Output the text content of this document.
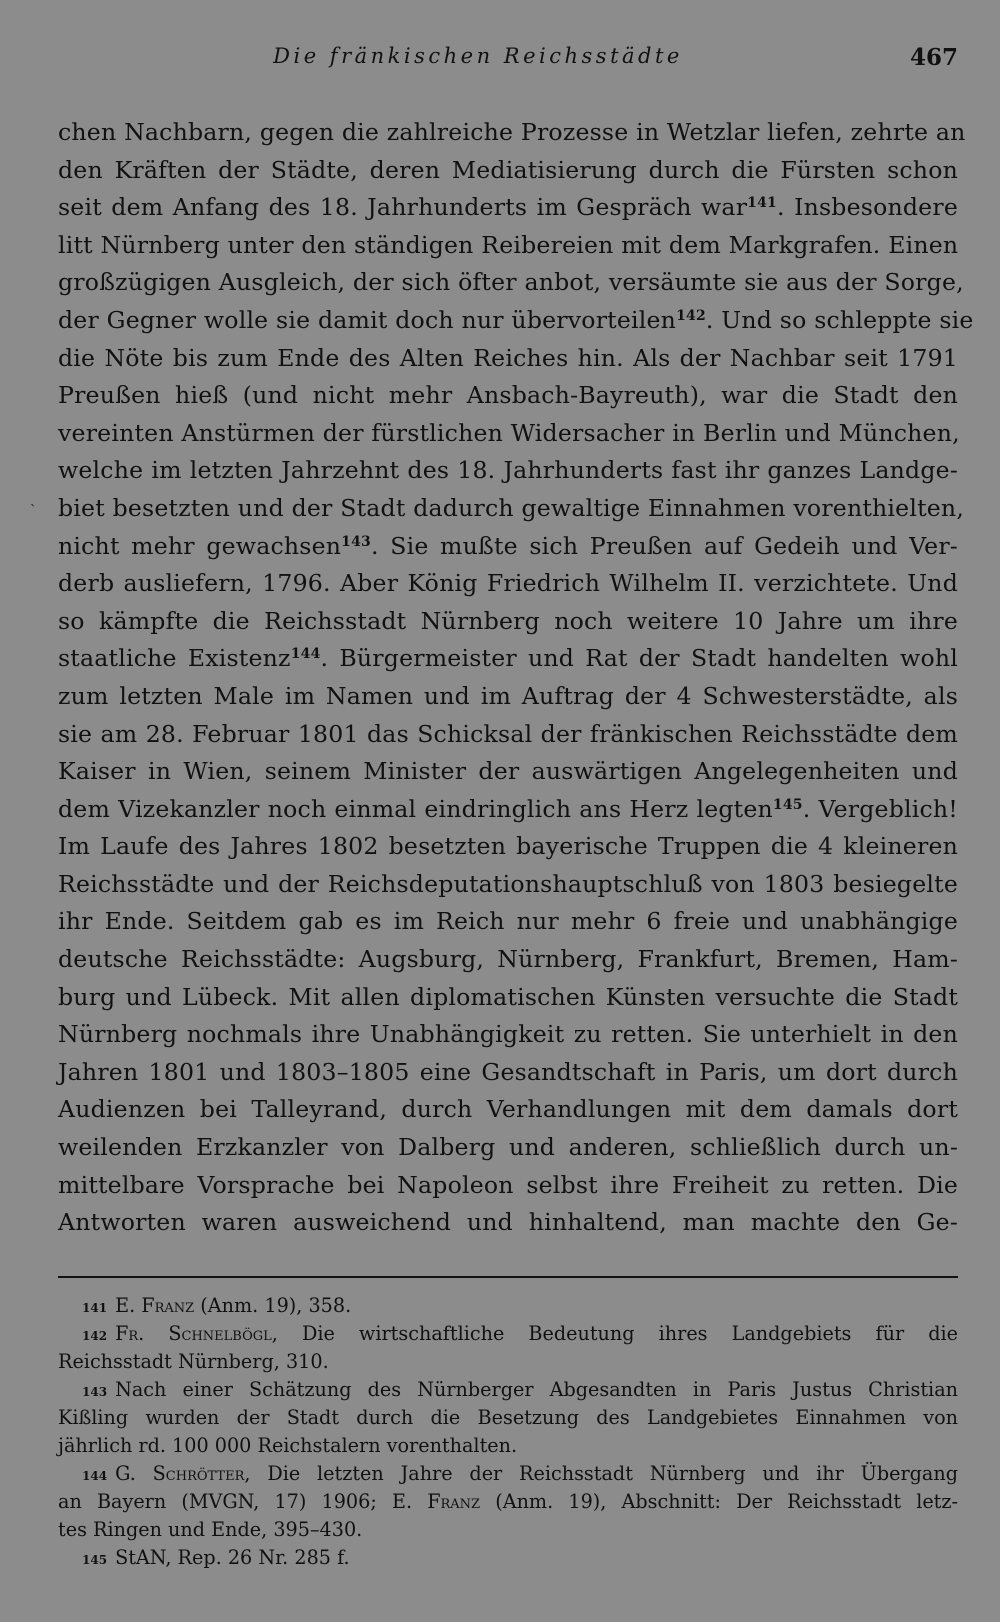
Die fränkischen Reichsstädte	467
chen Nachbarn, gegen die zahlreiche Prozesse in Wetzlar liefen, zehrte an
den Kräften der Städte, deren Mediatisierung durch die Fürsten schon
seit dem Anfang des 18. Jahrhunderts im Gespräch war$^{141}$. Insbesondere
litt Nürnberg unter den ständigen Reibereien mit dem Markgrafen. Einen
großzügigen Ausgleich, der sich öfter anbot, versäumte sie aus der Sorge,
der Gegner wolle sie damit doch nur übervorteilen$^{142}$. Und so schleppte sie
die Nöte bis zum Ende des Alten Reiches hin. Als der Nachbar seit 1791
Preußen hieß (und nicht mehr Ansbach-Bayreuth), war die Stadt den
vereinten Anstürmen der fürstlichen Widersacher in Berlin und München,
welche im letzten Jahrzehnt des 18. Jahrhunderts fast ihr ganzes Landge-
biet besetzten und der Stadt dadurch gewaltige Einnahmen vorenthielten,
nicht mehr gewachsen$^{143}$. Sie mußte sich Preußen auf Gedeih und Ver-
derb ausliefern, 1796. Aber König Friedrich Wilhelm II. verzichtete. Und
so kämpfte die Reichsstadt Nürnberg noch weitere 10 Jahre um ihre
staatliche Existenz$^{144}$. Bürgermeister und Rat der Stadt handelten wohl
zum letzten Male im Namen und im Auftrag der 4 Schwesterstädte, als
sie am 28. Februar 1801 das Schicksal der fränkischen Reichsstädte dem
Kaiser in Wien, seinem Minister der auswärtigen Angelegenheiten und
dem Vizekanzler noch einmal eindringlich ans Herz legten$^{145}$. Vergeblich!
Im Laufe des Jahres 1802 besetzten bayerische Truppen die 4 kleineren
Reichsstädte und der Reichsdeputationshauptschluß von 1803 besiegelte
ihr Ende. Seitdem gab es im Reich nur mehr 6 freie und unabhängige
deutsche Reichsstädte: Augsburg, Nürnberg, Frankfurt, Bremen, Ham-
burg und Lübeck. Mit allen diplomatischen Künsten versuchte die Stadt
Nürnberg nochmals ihre Unabhängigkeit zu retten. Sie unterhielt in den
Jahren 1801 und 1803–1805 eine Gesandtschaft in Paris, um dort durch
Audienzen bei Talleyrand, durch Verhandlungen mit dem damals dort
weilenden Erzkanzler von Dalberg und anderen, schließlich durch un-
mittelbare Vorsprache bei Napoleon selbst ihre Freiheit zu retten. Die
Antworten waren ausweichend und hinhaltend, man machte den Ge-
$^{141}$ E. Franz (Anm. 19), 358.
$^{142}$ Fr. Schnelbögl, Die wirtschaftliche Bedeutung ihres Landgebiets für die
Reichsstadt Nürnberg, 310.
$^{143}$ Nach einer Schätzung des Nürnberger Abgesandten in Paris Justus Christian
Kißling wurden der Stadt durch die Besetzung des Landgebietes Einnahmen von
jährlich rd. 100 000 Reichstalern vorenthalten.
$^{144}$ G. Schrötter, Die letzten Jahre der Reichsstadt Nürnberg und ihr Übergang
an Bayern (MVGN, 17) 1906; E. Franz (Anm. 19), Abschnitt: Der Reichsstadt letz-
tes Ringen und Ende, 395–430.
$^{145}$ StAN, Rep. 26 Nr. 285 f.
˴
